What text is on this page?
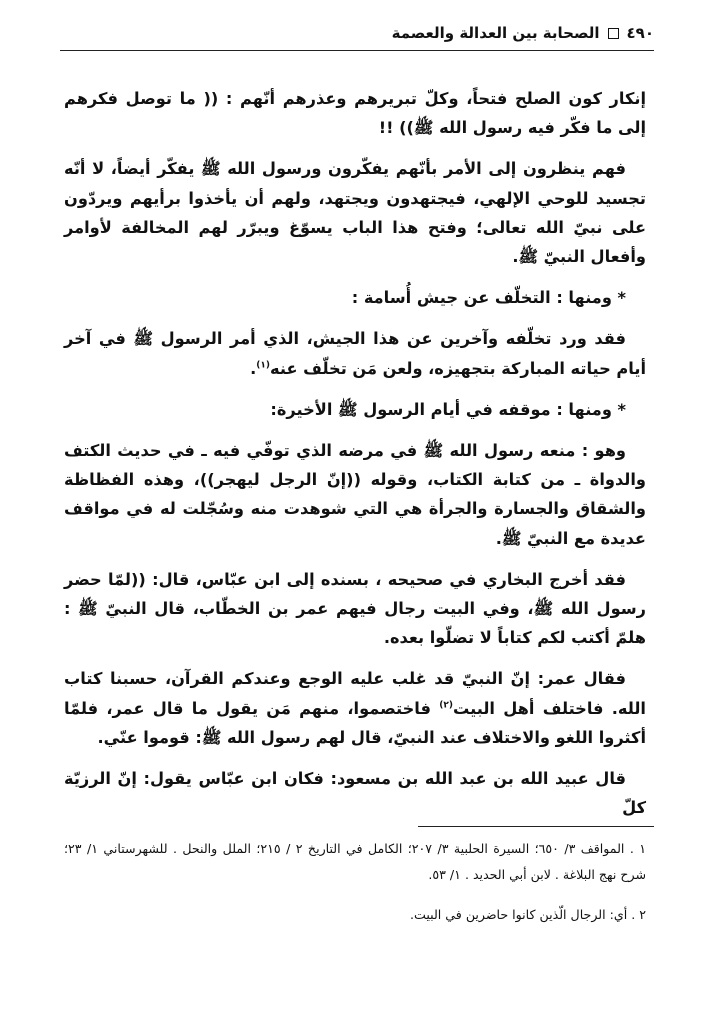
٤٩٠
الصحابة بين العدالة والعصمة

إنكار كون الصلح فتحاً، وكلّ تبريرهم وعذرهم أنّهم : (( ما توصل فكرهم إلى ما فكّر فيه رسول الله ﷺ)) !!

فهم ينظرون إلى الأمر بأنّهم يفكّرون ورسول الله ﷺ يفكّر أيضاً، لا أنّه تجسيد للوحي الإلهي، فيجتهدون ويجتهد، ولهم أن يأخذوا برأيهم ويردّون على نبيّ الله تعالى؛ وفتح هذا الباب يسوّغ ويبرّر لهم المخالفة لأوامر وأفعال النبيّ ﷺ.

* ومنها : التخلّف عن جيش أُسامة :

فقد ورد تخلّفه وآخرين عن هذا الجيش، الذي أمر الرسول ﷺ في آخر أيام حياته المباركة بتجهيزه، ولعن مَن تخلّف عنه$^{(١)}$.

* ومنها : موقفه في أيام الرسول ﷺ الأخيرة:

وهو : منعه رسول الله ﷺ في مرضه الذي توفّي فيه ـ في حديث الكتف والدواة ـ من كتابة الكتاب، وقوله ((إنّ الرجل ليهجر))، وهذه الفظاظة والشقاق والجسارة والجرأة هي التي شوهدت منه وسُجّلت له في مواقف عديدة مع النبيّ ﷺ.

فقد أخرج البخاري في صحيحه ، بسنده إلى ابن عبّاس، قال: ((لمّا حضر رسول الله ﷺ، وفي البيت رجال فيهم عمر بن الخطّاب، قال النبيّ ﷺ : هلمّ أكتب لكم كتاباً لا تضلّوا بعده.

فقال عمر: إنّ النبيّ قد غلب عليه الوجع وعندكم القرآن، حسبنا كتاب الله. فاختلف أهل البيت$^{(٢)}$ فاختصموا، منهم مَن يقول ما قال عمر، فلمّا أكثروا اللغو والاختلاف عند النبيّ، قال لهم رسول الله ﷺ: قوموا عنّي.

قال عبيد الله بن عبد الله بن مسعود: فكان ابن عبّاس يقول: إنّ الرزيّة كلّ

١ . المواقف ٣/ ٦٥٠؛ السيرة الحلبية ٣/ ٢٠٧؛ الكامل في التاريخ ٢ / ٢١٥؛ الملل والنحل . للشهرستاني ١/ ٢٣؛ شرح نهج البلاغة . لابن أبي الحديد . ١/ ٥٣.

٢ . أي: الرجال الّذين كانوا حاضرين في البيت.
